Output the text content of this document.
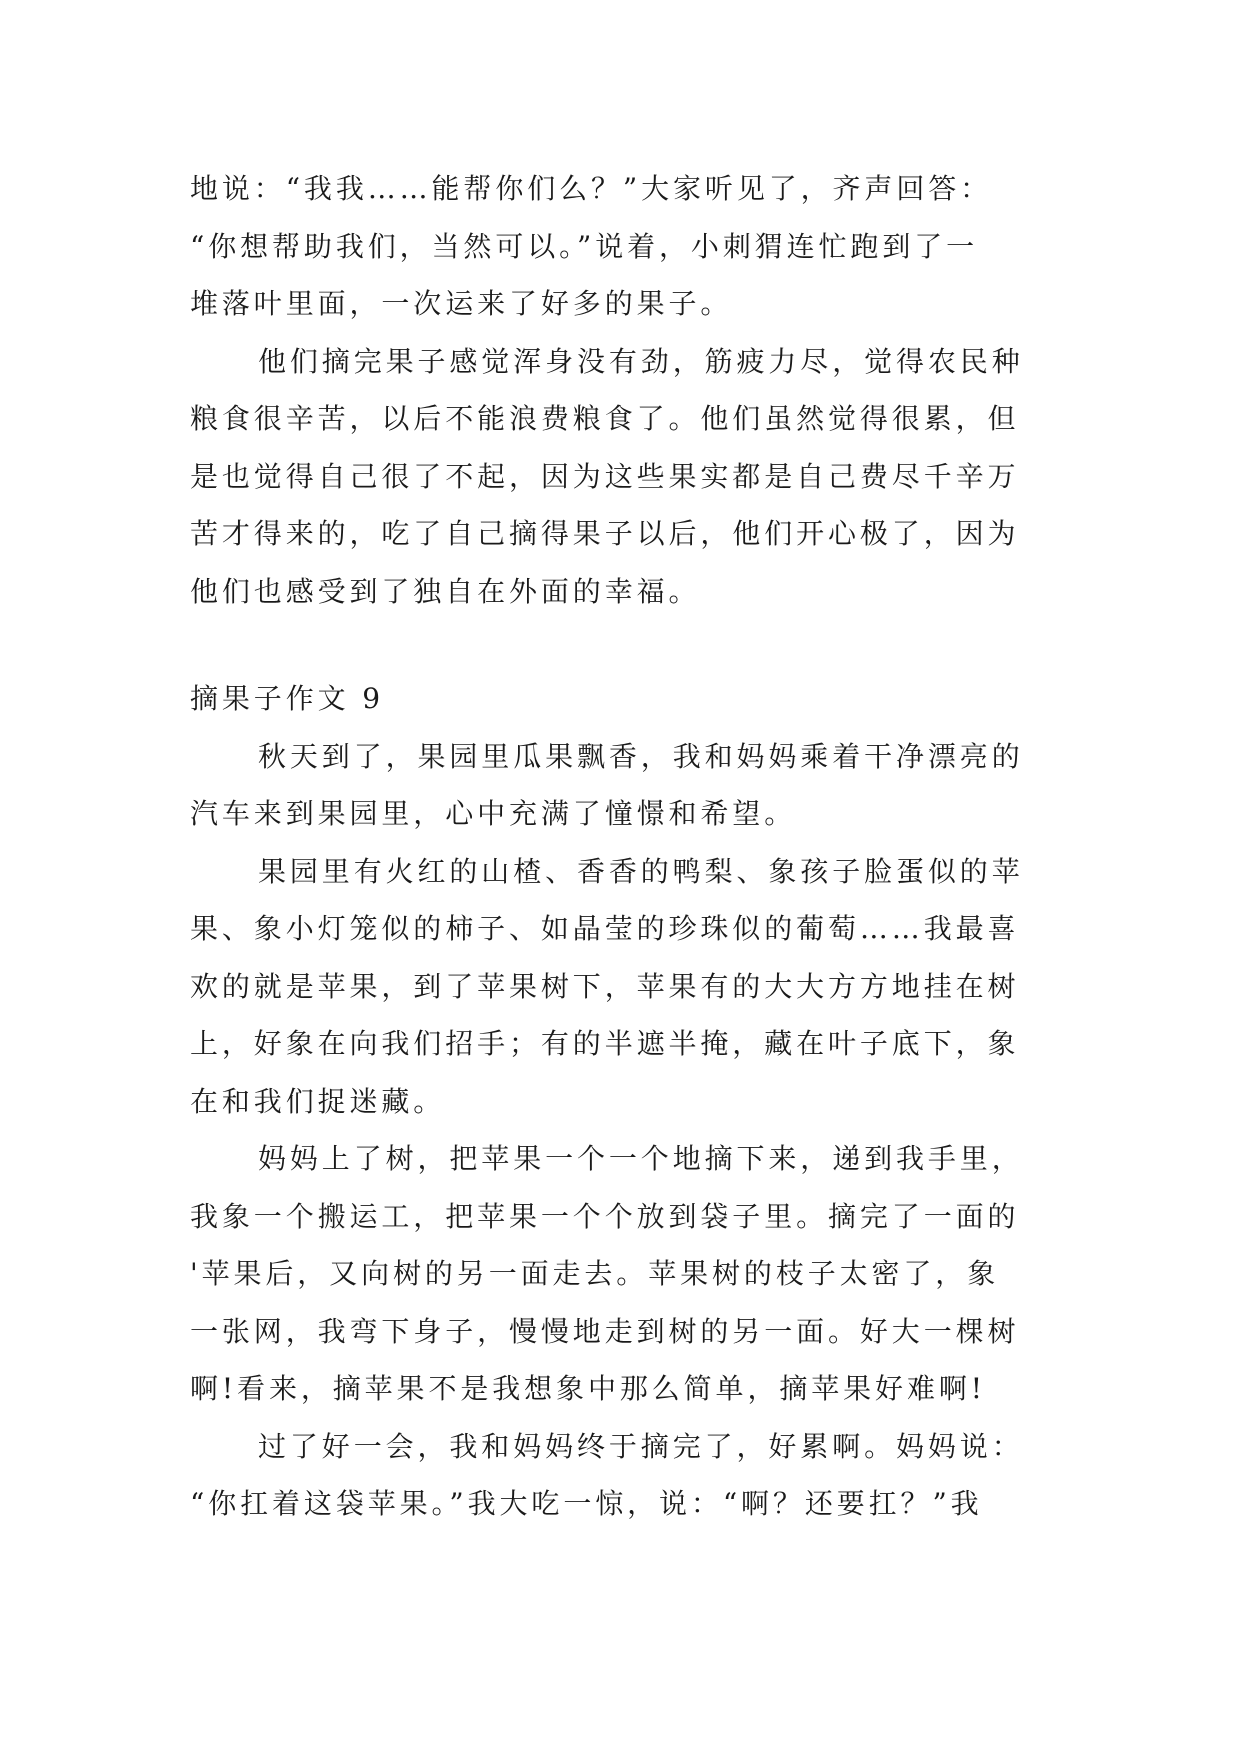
地说：“我我……能帮你们么？”大家听见了，齐声回答：
“你想帮助我们，当然可以。”说着，小刺猬连忙跑到了一
堆落叶里面，一次运来了好多的果子。

他们摘完果子感觉浑身没有劲，筋疲力尽，觉得农民种
粮食很辛苦，以后不能浪费粮食了。他们虽然觉得很累，但
是也觉得自己很了不起，因为这些果实都是自己费尽千辛万
苦才得来的，吃了自己摘得果子以后，他们开心极了，因为
他们也感受到了独自在外面的幸福。

摘果子作文 9

秋天到了，果园里瓜果飘香，我和妈妈乘着干净漂亮的
汽车来到果园里，心中充满了憧憬和希望。

果园里有火红的山楂、香香的鸭梨、象孩子脸蛋似的苹
果、象小灯笼似的柿子、如晶莹的珍珠似的葡萄……我最喜
欢的就是苹果，到了苹果树下，苹果有的大大方方地挂在树
上，好象在向我们招手；有的半遮半掩，藏在叶子底下，象
在和我们捉迷藏。

妈妈上了树，把苹果一个一个地摘下来，递到我手里，
我象一个搬运工，把苹果一个个放到袋子里。摘完了一面的
'苹果后，又向树的另一面走去。苹果树的枝子太密了，象
一张网，我弯下身子，慢慢地走到树的另一面。好大一棵树
啊!看来，摘苹果不是我想象中那么简单，摘苹果好难啊!

过了好一会，我和妈妈终于摘完了，好累啊。妈妈说：
“你扛着这袋苹果。”我大吃一惊，说：“啊？还要扛？”我
